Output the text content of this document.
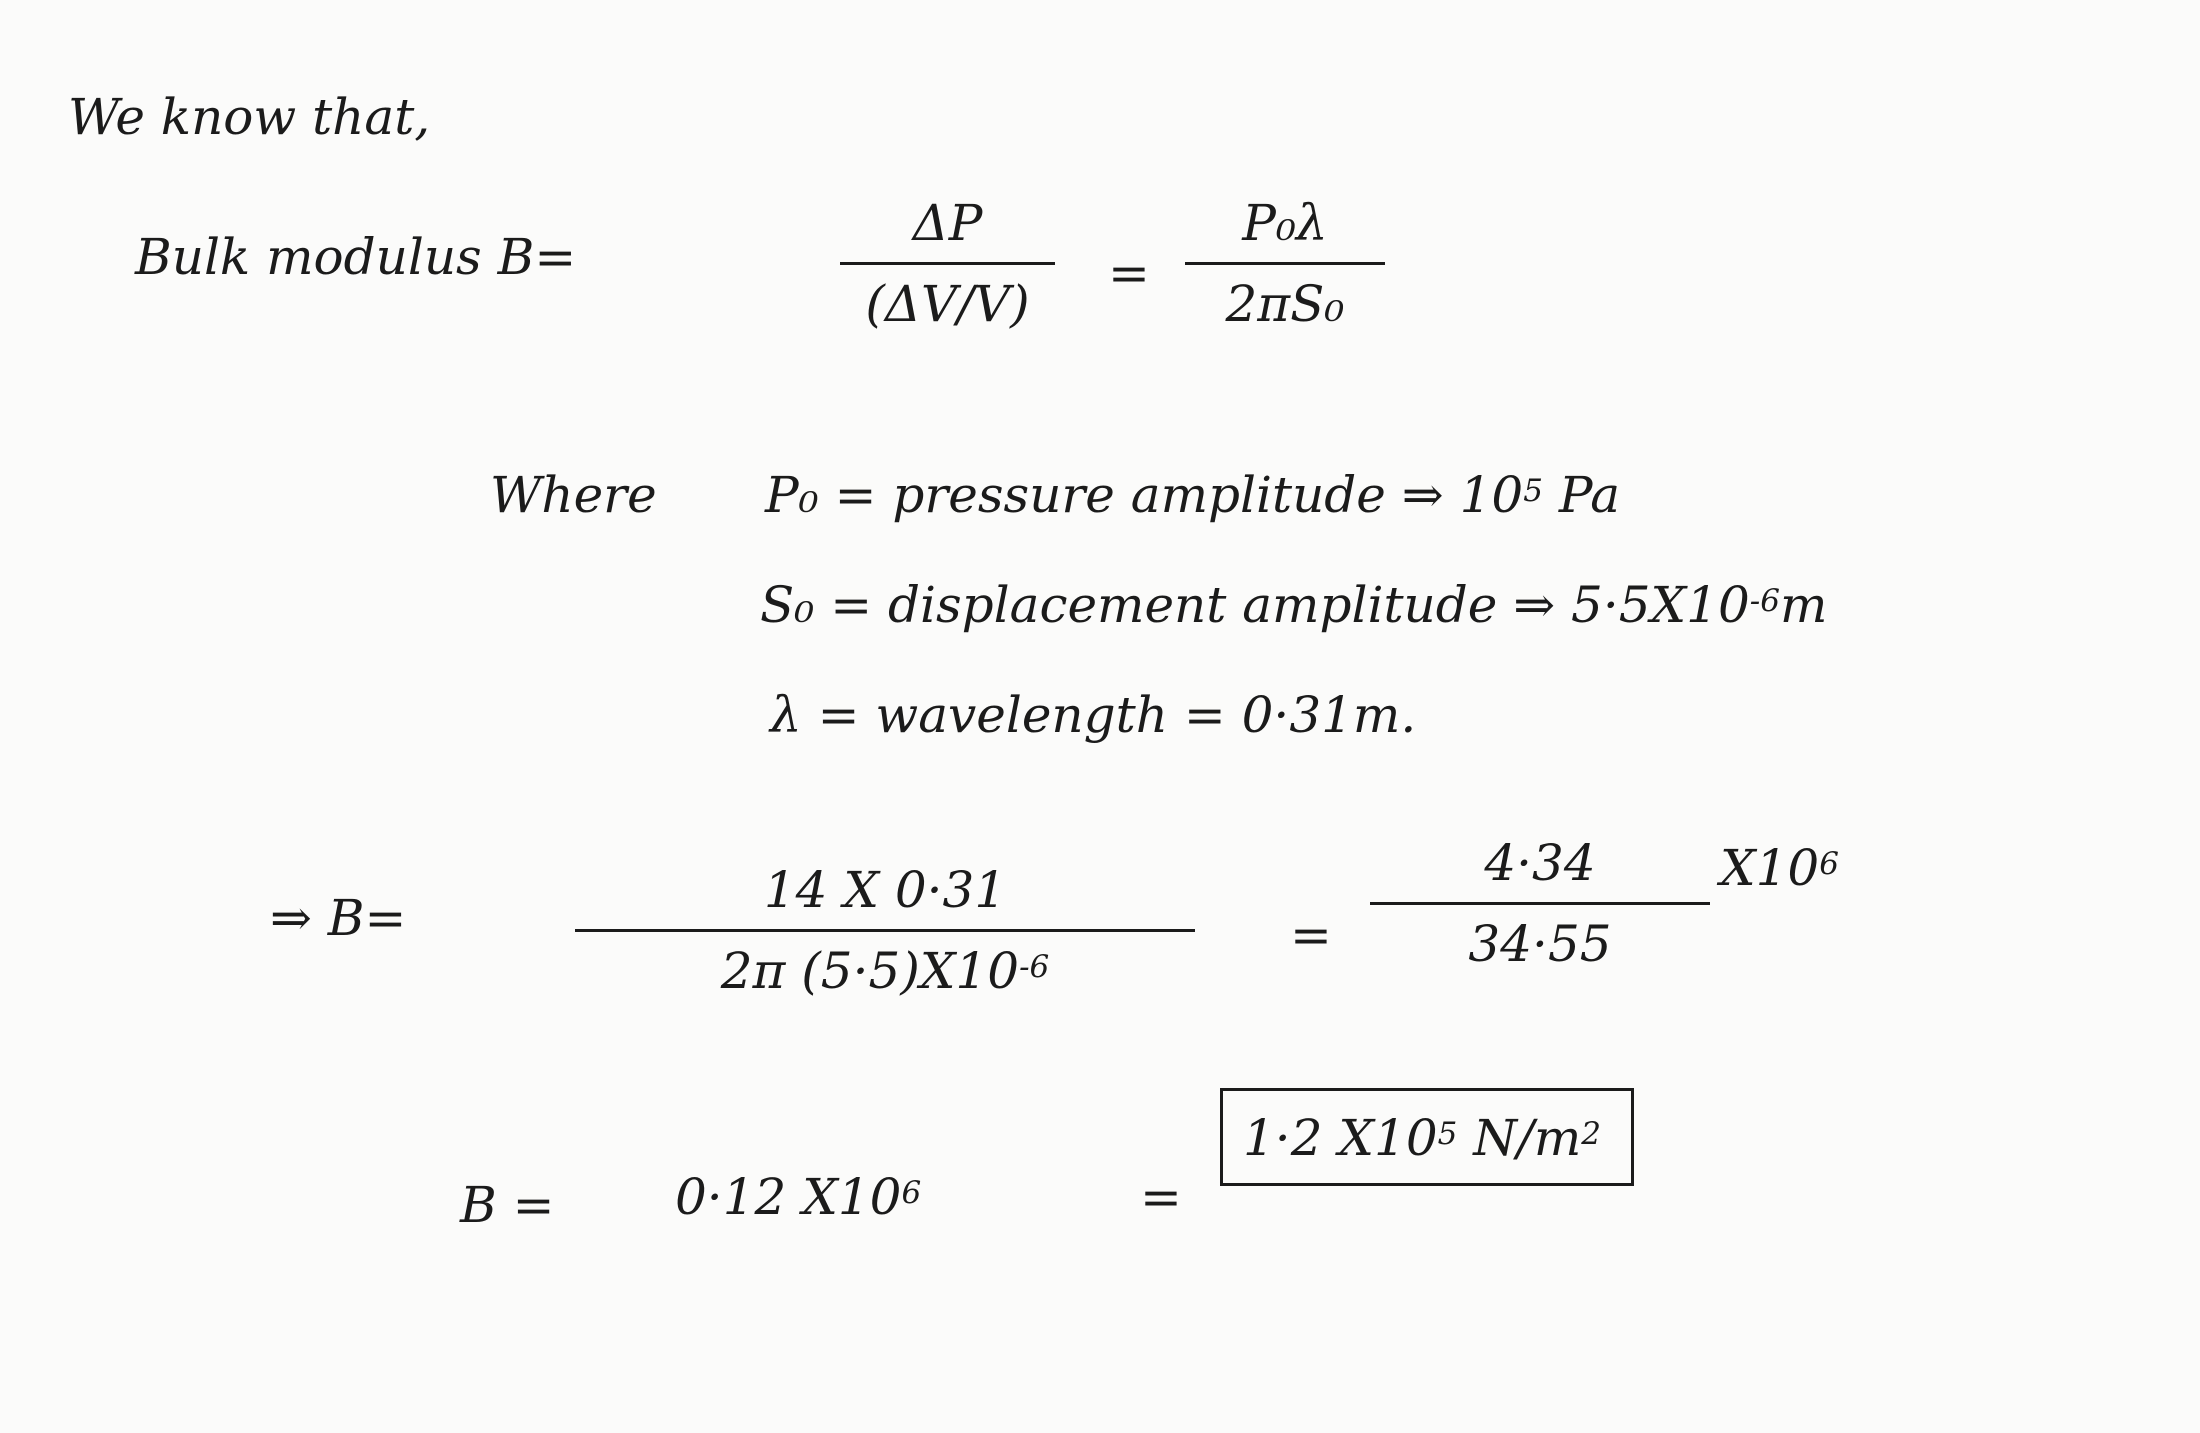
We know that,
Bulk modulus B=
ΔP
(ΔV/V)
=
P₀λ
2πS₀
Where P₀ = pressure amplitude ⇒ $10^5$ Pa
S₀ = displacement amplitude ⇒ $5\cdot 5X10^{-6}m$
λ = wavelength = 0·31m.
⇒ B=	14 X 0·31
2π $(5\cdot 5)X10^{-6}$
=
4·34
34·55
$X10^6$
B = 0·12 $X10^6$	=
1·2 $X10^5$ $N/m^2$
